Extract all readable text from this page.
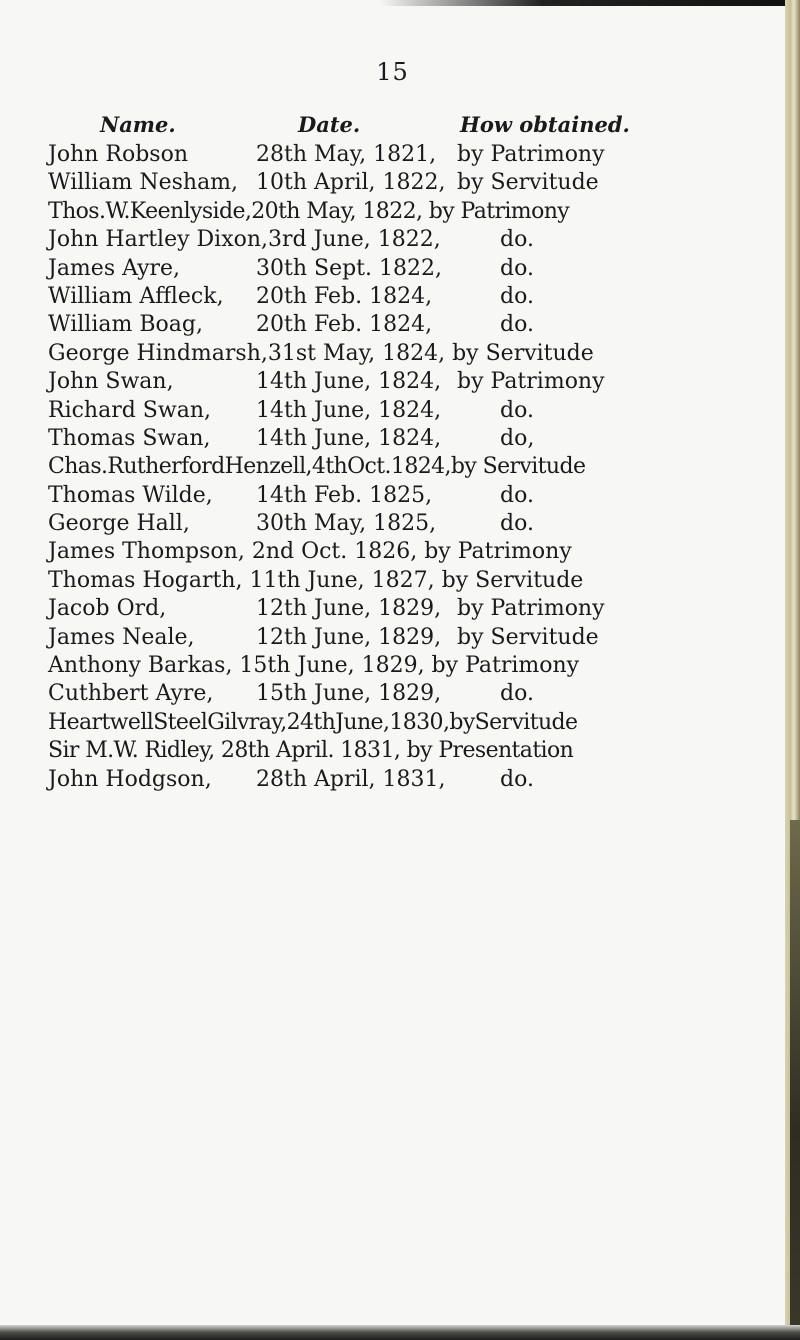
15
Name.	Date.	How obtained.
John Robson	28th May, 1821, by Patrimony
William Nesham, 10th April, 1822, by Servitude
Thos.W.Keenlyside,20th May, 1822, by Patrimony
John Hartley Dixon,3rd June, 1822,	do.
James Ayre,	30th Sept. 1822,	do.
William Affleck, 20th Feb. 1824,	do.
William Boag, 20th Feb. 1824,	do.
George Hindmarsh,31st May, 1824, by Servitude
John Swan,	14th June, 1824, by Patrimony
Richard Swan, 14th June, 1824,	do.
Thomas Swan, 14th June, 1824,	do,
Chas.RutherfordHenzell,4thOct.1824,by Servitude
Thomas Wilde, 14th Feb. 1825,	do.
George Hall,	30th May, 1825,	do.
James Thompson, 2nd Oct. 1826, by Patrimony
Thomas Hogarth, 11th June, 1827, by Servitude
Jacob Ord,	12th June, 1829, by Patrimony
James Neale,	12th June, 1829, by Servitude
Anthony Barkas, 15th June, 1829, by Patrimony
Cuthbert Ayre, 15th June, 1829,	do.
HeartwellSteelGilvray,24thJune,1830,byServitude
Sir M.W. Ridley, 28th April. 1831, by Presentation
John Hodgson, 28th April, 1831, do.
